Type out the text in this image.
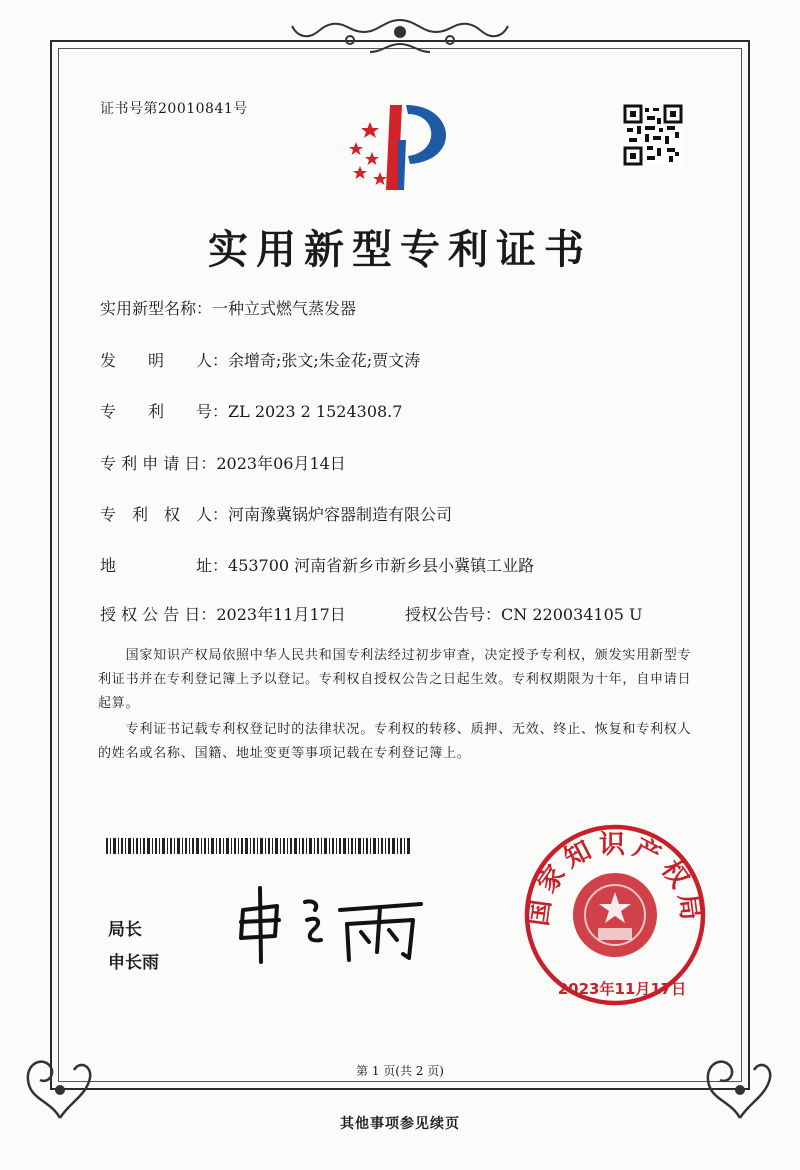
证书号第20010841号
实用新型专利证书
实用新型名称：一种立式燃气蒸发器
发　　明　　人：余增奇;张文;朱金花;贾文涛
专　　利　　号：ZL 2023 2 1524308.7
专 利 申 请 日：2023年06月14日
专　利　权　人：河南豫冀锅炉容器制造有限公司
地　　　　　址：453700 河南省新乡市新乡县小冀镇工业路
授 权 公 告 日：2023年11月17日	授权公告号：CN 220034105 U
　　国家知识产权局依照中华人民共和国专利法经过初步审查，决定授予专利权，颁发实用新型专利证书并在专利登记簿上予以登记。专利权自授权公告之日起生效。专利权期限为十年，自申请日起算。
　　专利证书记载专利权登记时的法律状况。专利权的转移、质押、无效、终止、恢复和专利权人的姓名或名称、国籍、地址变更等事项记载在专利登记簿上。
局长
申长雨
国家知识产权局
2023年11月17日
第 1 页(共 2 页)
其他事项参见续页
